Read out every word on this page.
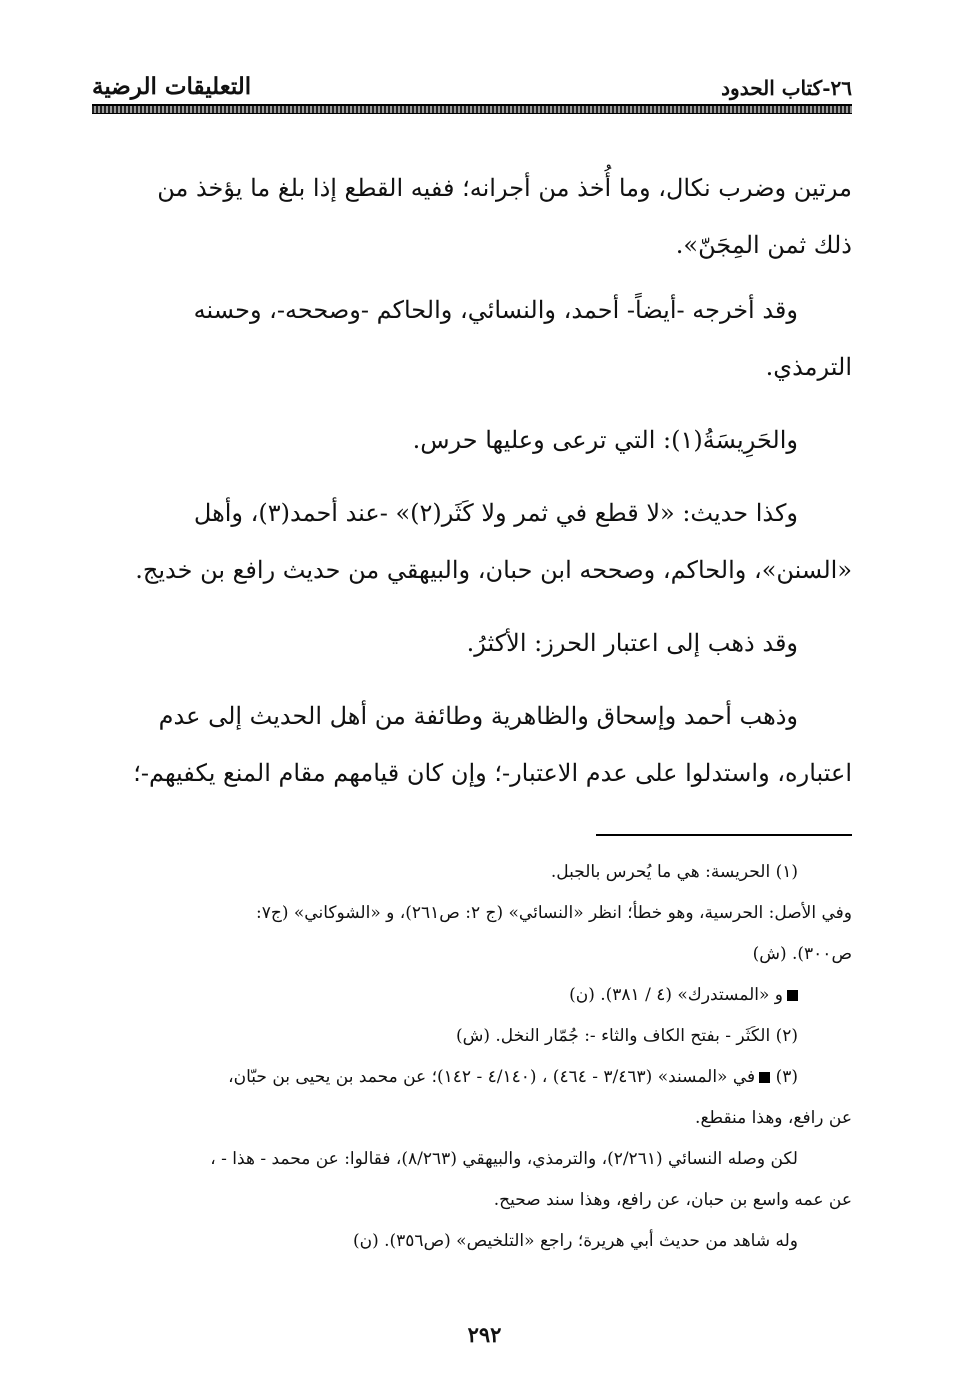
٢٦-كتاب الحدود
التعليقات الرضية

مرتين وضرب نكال، وما أُخذ من أجرانه؛ ففيه القطع إذا بلغ ما يؤخذ من
ذلك ثمن المِجَنّ».

وقد أخرجه -أيضاً- أحمد، والنسائي، والحاكم -وصححه-، وحسنه
الترمذي.

والحَرِيسَةُ(١): التي ترعى وعليها حرس.

وكذا حديث: «لا قطع في ثمر ولا كَثَر(٢)» -عند أحمد(٣)، وأهل
«السنن»، والحاكم، وصححه ابن حبان، والبيهقي من حديث رافع بن خديج.

وقد ذهب إلى اعتبار الحرز: الأكثرُ.

وذهب أحمد وإسحاق والظاهرية وطائفة من أهل الحديث إلى عدم
اعتباره، واستدلوا على عدم الاعتبار-؛ وإن كان قيامهم مقام المنع يكفيهم-؛

(١) الحريسة: هي ما يُحرس بالجبل.

وفي الأصل: الحرسية، وهو خطأ؛ انظر «النسائي» (ج ٢: ص٢٦١)، و «الشوكاني» (ج٧:

ص٣٠٠). (ش)

و «المستدرك» (٤ / ٣٨١). (ن)

(٢) الكَثَر - بفتح الكاف والثاء -: جُمّار النخل. (ش)

(٣) في «المسند» (٣/٤٦٣ - ٤٦٤) ، (٤/١٤٠ - ١٤٢)؛ عن محمد بن يحيى بن حبّان،

عن رافع، وهذا منقطع.

لكن وصله النسائي (٢/٢٦١)، والترمذي، والبيهقي (٨/٢٦٣)، فقالوا: عن محمد - هذا - ،

عن عمه واسع بن حبان، عن رافع، وهذا سند صحيح.

وله شاهد من حديث أبي هريرة؛ راجع «التلخيص» (ص٣٥٦). (ن)

٢٩٢
